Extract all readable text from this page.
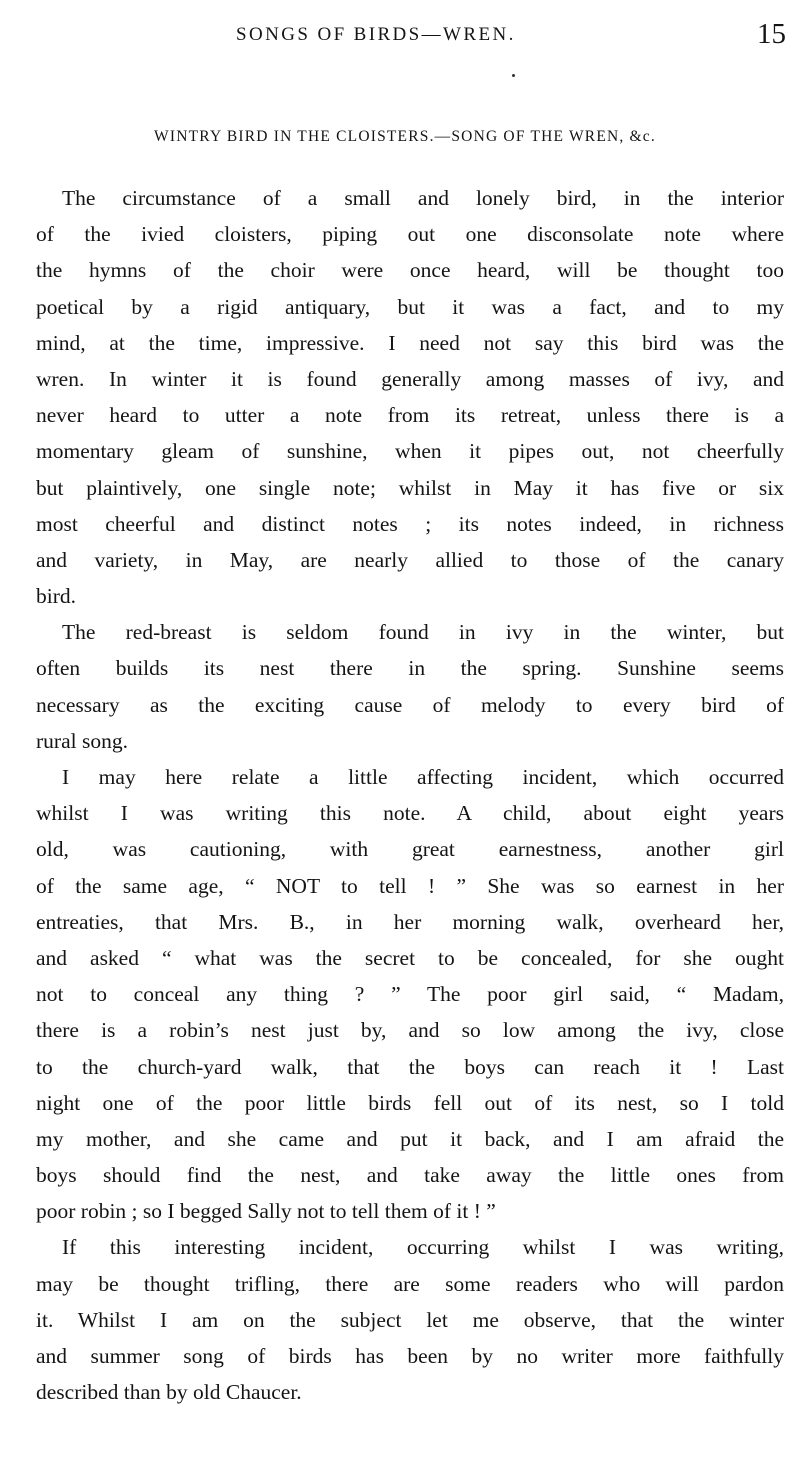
SONGS OF BIRDS—WREN.	15
WINTRY BIRD IN THE CLOISTERS.—SONG OF THE WREN, &c.
The circumstance of a small and lonely bird, in the interior
of the ivied cloisters, piping out one disconsolate note where
the hymns of the choir were once heard, will be thought too
poetical by a rigid antiquary, but it was a fact, and to my
mind, at the time, impressive. I need not say this bird was the
wren. In winter it is found generally among masses of ivy, and
never heard to utter a note from its retreat, unless there is a
momentary gleam of sunshine, when it pipes out, not cheerfully
but plaintively, one single note; whilst in May it has five or six
most cheerful and distinct notes ; its notes indeed, in richness
and variety, in May, are nearly allied to those of the canary
bird.
The red-breast is seldom found in ivy in the winter, but
often builds its nest there in the spring. Sunshine seems
necessary as the exciting cause of melody to every bird of
rural song.
I may here relate a little affecting incident, which occurred
whilst I was writing this note. A child, about eight years
old, was cautioning, with great earnestness, another girl
of the same age, “ NOT to tell ! ” She was so earnest in her
entreaties, that Mrs. B., in her morning walk, overheard her,
and asked “ what was the secret to be concealed, for she ought
not to conceal any thing ? ” The poor girl said, “ Madam,
there is a robin’s nest just by, and so low among the ivy, close
to the church-yard walk, that the boys can reach it ! Last
night one of the poor little birds fell out of its nest, so I told
my mother, and she came and put it back, and I am afraid the
boys should find the nest, and take away the little ones from
poor robin ; so I begged Sally not to tell them of it ! ”
If this interesting incident, occurring whilst I was writing,
may be thought trifling, there are some readers who will pardon
it. Whilst I am on the subject let me observe, that the winter
and summer song of birds has been by no writer more faithfully
described than by old Chaucer.
